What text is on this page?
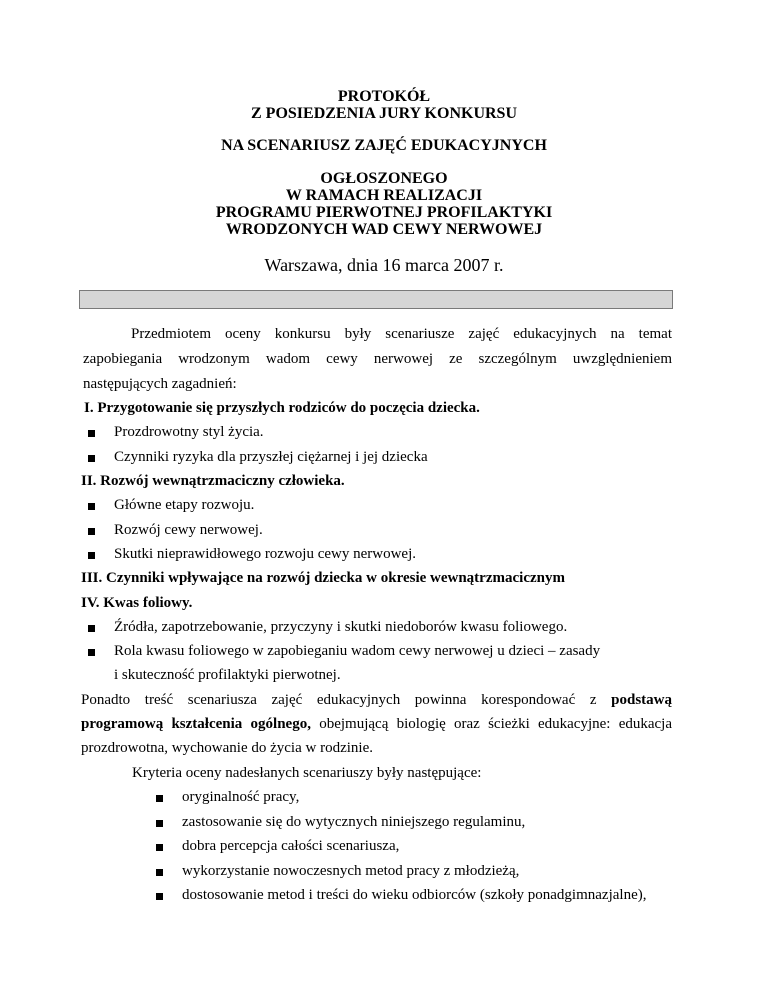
PROTOKÓŁ
Z POSIEDZENIA JURY KONKURSU
NA SCENARIUSZ ZAJĘĆ EDUKACYJNYCH
OGŁOSZONEGO
W RAMACH REALIZACJI
PROGRAMU PIERWOTNEJ PROFILAKTYKI
WRODZONYCH WAD CEWY NERWOWEJ
Warszawa, dnia 16 marca 2007 r.
Przedmiotem oceny konkursu były scenariusze zajęć edukacyjnych na temat
zapobiegania wrodzonym wadom cewy nerwowej ze szczególnym uwzględnieniem
następujących zagadnień:
I. Przygotowanie się przyszłych rodziców do poczęcia dziecka.
Prozdrowotny styl życia.
Czynniki ryzyka dla przyszłej ciężarnej i jej dziecka
II. Rozwój wewnątrzmaciczny człowieka.
Główne etapy rozwoju.
Rozwój cewy nerwowej.
Skutki nieprawidłowego rozwoju cewy nerwowej.
III. Czynniki wpływające na rozwój dziecka w okresie wewnątrzmacicznym
IV. Kwas foliowy.
Źródła, zapotrzebowanie, przyczyny i skutki niedoborów kwasu foliowego.
Rola kwasu foliowego w zapobieganiu wadom cewy nerwowej u dzieci – zasady
i skuteczność profilaktyki pierwotnej.
Ponadto treść scenariusza zajęć edukacyjnych powinna korespondować z podstawą
programową kształcenia ogólnego, obejmującą biologię oraz ścieżki edukacyjne: edukacja
prozdrowotna, wychowanie do życia w rodzinie.
Kryteria oceny nadesłanych scenariuszy były następujące:
oryginalność pracy,
zastosowanie się do wytycznych niniejszego regulaminu,
dobra percepcja całości scenariusza,
wykorzystanie nowoczesnych metod pracy z młodzieżą,
dostosowanie metod i treści do wieku odbiorców (szkoły ponadgimnazjalne),
